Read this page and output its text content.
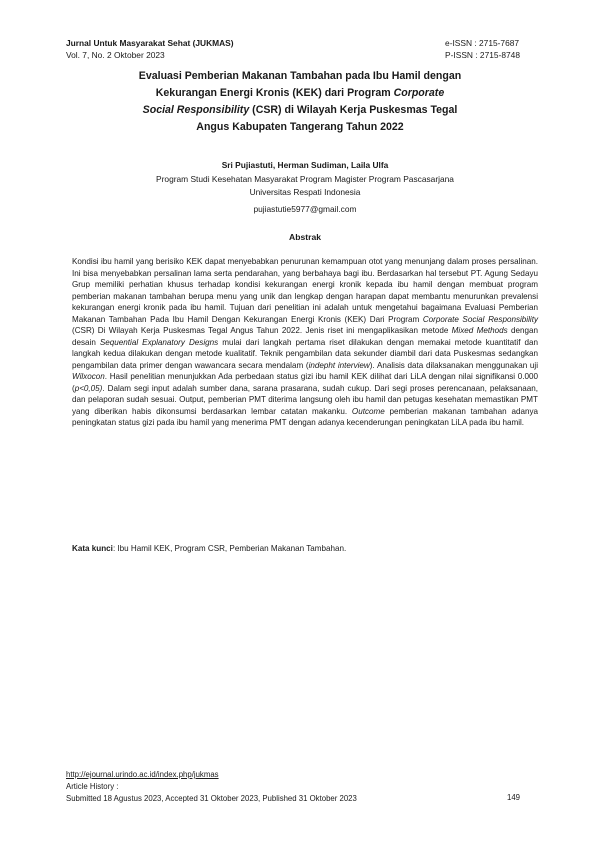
Jurnal Untuk Masyarakat Sehat (JUKMAS)
Vol. 7, No. 2 Oktober 2023
e-ISSN : 2715-7687
P-ISSN : 2715-8748
Evaluasi Pemberian Makanan Tambahan pada Ibu Hamil dengan
Kekurangan Energi Kronis (KEK) dari Program Corporate
Social Responsibility (CSR) di Wilayah Kerja Puskesmas Tegal
Angus Kabupaten Tangerang Tahun 2022
Sri Pujiastuti, Herman Sudiman, Laila Ulfa
Program Studi Kesehatan Masyarakat Program Magister Program Pascasarjana
Universitas Respati Indonesia
pujiastutie5977@gmail.com
Abstrak

Kondisi ibu hamil yang berisiko KEK dapat menyebabkan penurunan kemampuan otot yang menunjang dalam proses persalinan. Ini bisa menyebabkan persalinan lama serta pendarahan, yang berbahaya bagi ibu. Berdasarkan hal tersebut PT. Agung Sedayu Grup memiliki perhatian khusus terhadap kondisi kekurangan energi kronik kepada ibu hamil dengan membuat program pemberian makanan tambahan berupa menu yang unik dan lengkap dengan harapan dapat membantu menurunkan prevalensi kekurangan energi kronik pada ibu hamil. Tujuan dari penelitian ini adalah untuk mengetahui bagaimana Evaluasi Pemberian Makanan Tambahan Pada Ibu Hamil Dengan Kekurangan Energi Kronis (KEK) Dari Program Corporate Social Responsibility (CSR) Di Wilayah Kerja Puskesmas Tegal Angus Tahun 2022. Jenis riset ini mengaplikasikan metode Mixed Methods dengan desain Sequential Explanatory Designs mulai dari langkah pertama riset dilakukan dengan memakai metode kuantitatif dan langkah kedua dilakukan dengan metode kualitatif. Teknik pengambilan data sekunder diambil dari data Puskesmas sedangkan pengambilan data primer dengan wawancara secara mendalam (indepht interview). Analisis data dilaksanakan menggunakan uji Wilxocon. Hasil penelitian menunjukkan Ada perbedaan status gizi ibu hamil KEK dilihat dari LiLA dengan nilai signifikansi 0.000 (p<0,05). Dalam segi input adalah sumber dana, sarana prasarana, sudah cukup. Dari segi proses perencanaan, pelaksanaan, dan pelaporan sudah sesuai. Output, pemberian PMT diterima langsung oleh ibu hamil dan petugas kesehatan memastikan PMT yang diberikan habis dikonsumsi berdasarkan lembar catatan makanku. Outcome pemberian makanan tambahan adanya peningkatan status gizi pada ibu hamil yang menerima PMT dengan adanya kecenderungan peningkatan LiLA pada ibu hamil.

Kata kunci: Ibu Hamil KEK, Program CSR, Pemberian Makanan Tambahan.
http://ejournal.urindo.ac.id/index.php/jukmas
Article History :
Submitted 18 Agustus 2023, Accepted 31 Oktober 2023, Published 31 Oktober 2023	149
